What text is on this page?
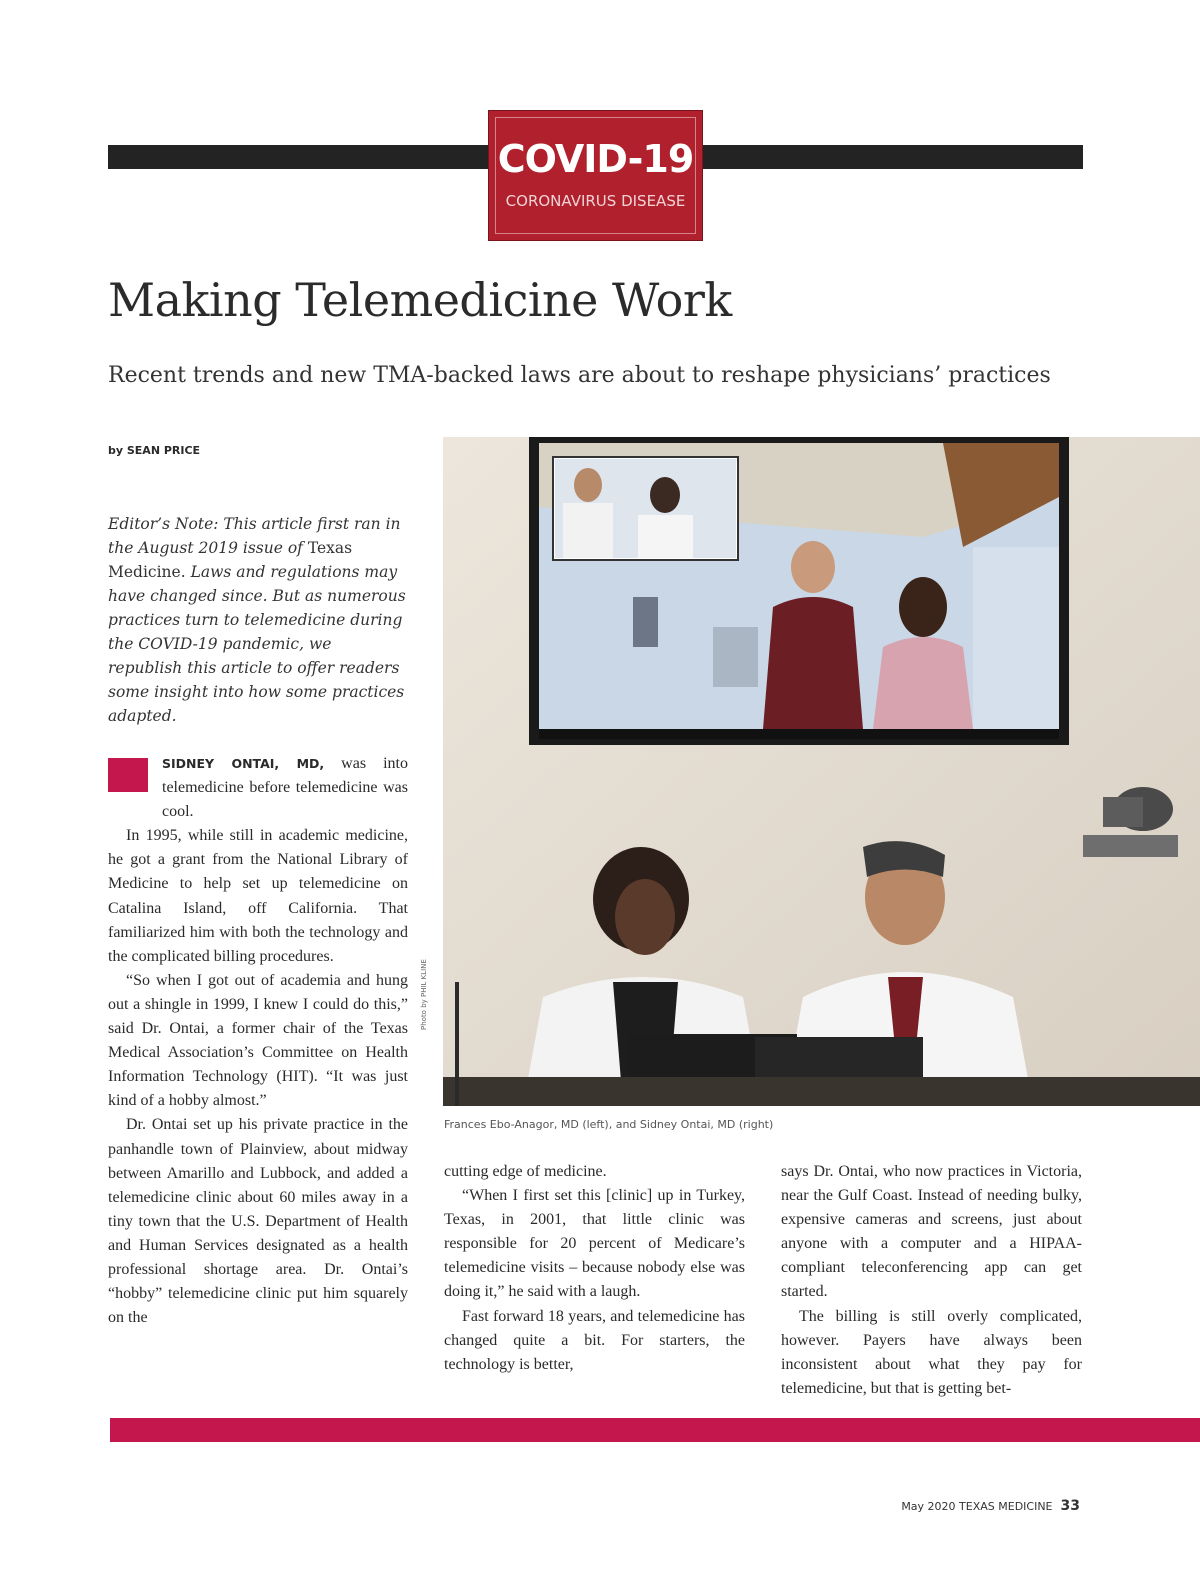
COVID-19
CORONAVIRUS DISEASE
Making Telemedicine Work
Recent trends and new TMA-backed laws are about to reshape physicians’ practices
by SEAN PRICE
Editor’s Note: This article first ran in the August 2019 issue of Texas Medicine. Laws and regulations may have changed since. But as numerous practices turn to telemedicine during the COVID-19 pandemic, we republish this article to offer readers some insight into how some practices adapted.

SIDNEY ONTAI, MD, was into telemedicine before telemedicine was cool.

In 1995, while still in academic medicine, he got a grant from the National Library of Medicine to help set up telemedicine on Catalina Island, off California. That familiarized him with both the technology and the complicated billing procedures.

“So when I got out of academia and hung out a shingle in 1999, I knew I could do this,” said Dr. Ontai, a former chair of the Texas Medical Association’s Committee on Health Information Technology (HIT). “It was just kind of a hobby almost.”

Dr. Ontai set up his private practice in the panhandle town of Plainview, about midway between Amarillo and Lubbock, and added a telemedicine clinic about 60 miles away in a tiny town that the U.S. Department of Health and Human Services designated as a health professional shortage area. Dr. Ontai’s “hobby” telemedicine clinic put him squarely on the

Photo by PHIL KLINE
Frances Ebo-Anagor, MD (left), and Sidney Ontai, MD (right)

cutting edge of medicine.

“When I first set this [clinic] up in Turkey, Texas, in 2001, that little clinic was responsible for 20 percent of Medicare’s telemedicine visits – because nobody else was doing it,” he said with a laugh.

Fast forward 18 years, and telemedicine has changed quite a bit. For starters, the technology is better,

says Dr. Ontai, who now practices in Victoria, near the Gulf Coast. Instead of needing bulky, expensive cameras and screens, just about anyone with a computer and a HIPAA-compliant teleconferencing app can get started.

The billing is still overly complicated, however. Payers have always been inconsistent about what they pay for telemedicine, but that is getting bet-

May 2020 TEXAS MEDICINE 33
